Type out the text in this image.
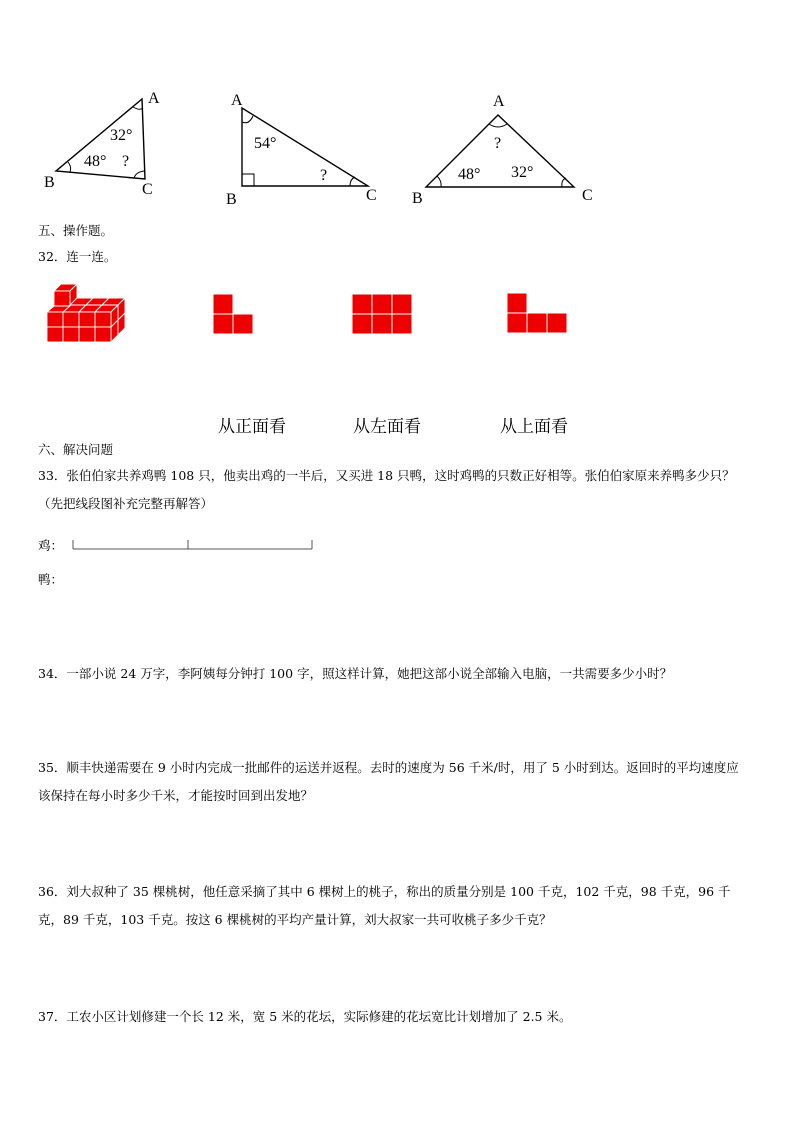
A
B	C
32°
48° ?
A
B	C
54°
?
A
B	C
?
48° 32°
五、操作题。
32．连一连。
从正面看	从左面看	从上面看
六、解决问题
33．张伯伯家共养鸡鸭 108 只，他卖出鸡的一半后，又买进 18 只鸭，这时鸡鸭的只数正好相等。张伯伯家原来养鸭多少只？（先把线段图补充完整再解答）
鸡：
鸭：
34．一部小说 24 万字，李阿姨每分钟打 100 字，照这样计算，她把这部小说全部输入电脑，一共需要多少小时？
35．顺丰快递需要在 9 小时内完成一批邮件的运送并返程。去时的速度为 56 千米/时，用了 5 小时到达。返回时的平均速度应该保持在每小时多少千米，才能按时回到出发地？
36．刘大叔种了 35 棵桃树，他任意采摘了其中 6 棵树上的桃子，称出的质量分别是 100 千克，102 千克，98 千克，96 千克，89 千克，103 千克。按这 6 棵桃树的平均产量计算，刘大叔家一共可收桃子多少千克？
37．工农小区计划修建一个长 12 米，宽 5 米的花坛，实际修建的花坛宽比计划增加了 2.5 米。
